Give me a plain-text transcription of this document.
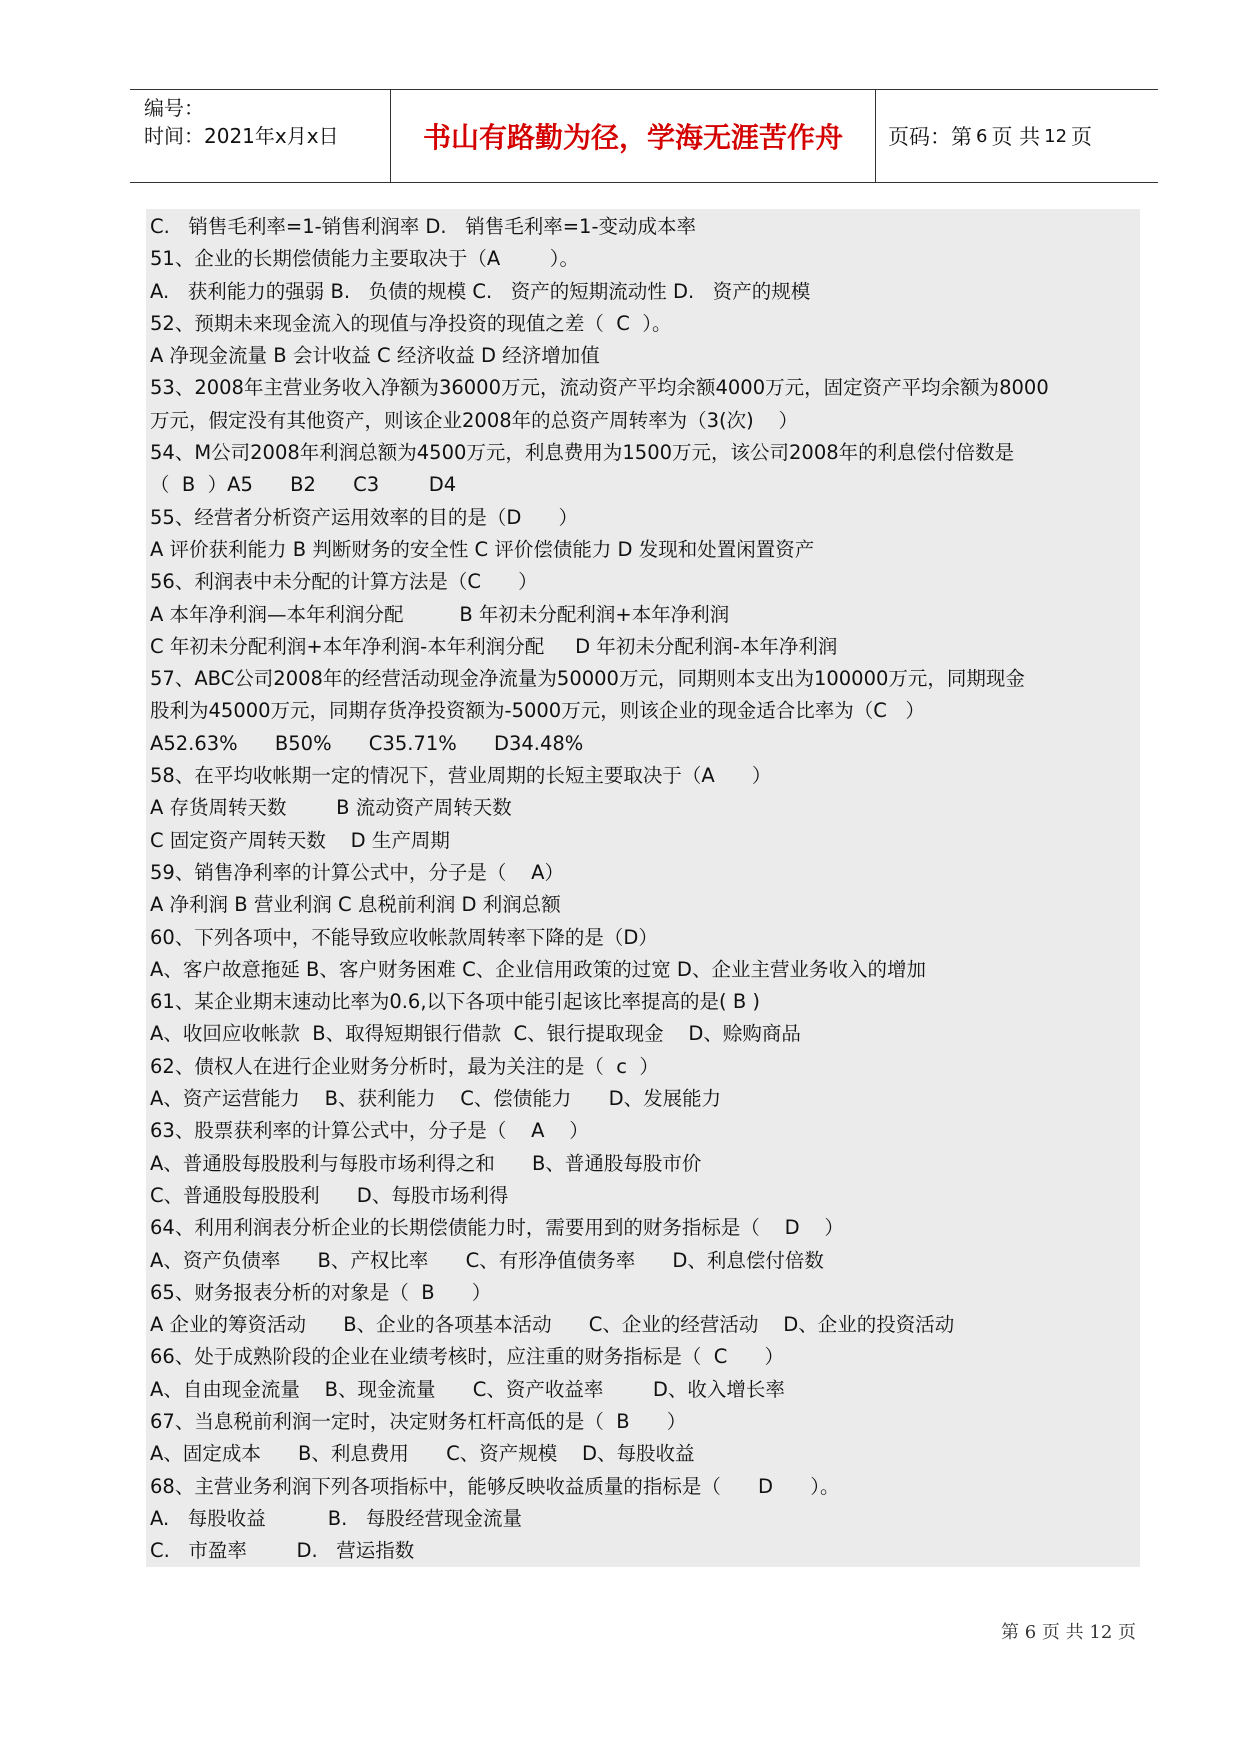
编号：
时间：2021年x月x日	书山有路勤为径，学海无涯苦作舟	页码：第 6 页 共 12 页
C.   销售毛利率=1-销售利润率 D.   销售毛利率=1-变动成本率
51、企业的长期偿债能力主要取决于（A        ）。
A.   获利能力的强弱 B.   负债的规模 C.   资产的短期流动性 D.   资产的规模
52、预期未来现金流入的现值与净投资的现值之差（  C  ）。
A 净现金流量 B 会计收益 C 经济收益 D 经济增加值
53、2008年主营业务收入净额为36000万元，流动资产平均余额4000万元，固定资产平均余额为8000
万元，假定没有其他资产，则该企业2008年的总资产周转率为（3(次)    ）
54、M公司2008年利润总额为4500万元，利息费用为1500万元，该公司2008年的利息偿付倍数是
（  B  ）A5      B2      C3        D4
55、经营者分析资产运用效率的目的是（D      ）
A 评价获利能力 B 判断财务的安全性 C 评价偿债能力 D 发现和处置闲置资产
56、利润表中未分配的计算方法是（C      ）
A 本年净利润—本年利润分配         B 年初未分配利润+本年净利润
C 年初未分配利润+本年净利润-本年利润分配     D 年初未分配利润-本年净利润
57、ABC公司2008年的经营活动现金净流量为50000万元，同期则本支出为100000万元，同期现金
股利为45000万元，同期存货净投资额为-5000万元，则该企业的现金适合比率为（C   ）
A52.63%      B50%      C35.71%      D34.48%
58、在平均收帐期一定的情况下，营业周期的长短主要取决于（A      ）
A 存货周转天数        B 流动资产周转天数
C 固定资产周转天数    D 生产周期
59、销售净利率的计算公式中，分子是（    A）
A 净利润 B 营业利润 C 息税前利润 D 利润总额
60、下列各项中，不能导致应收帐款周转率下降的是（D）
A、客户故意拖延 B、客户财务困难 C、企业信用政策的过宽 D、企业主营业务收入的增加
61、某企业期末速动比率为0.6,以下各项中能引起该比率提高的是( B )
A、收回应收帐款  B、取得短期银行借款  C、银行提取现金    D、赊购商品
62、债权人在进行企业财务分析时，最为关注的是（  c  ）
A、资产运营能力    B、获利能力    C、偿债能力      D、发展能力
63、股票获利率的计算公式中，分子是（    A    ）
A、普通股每股股利与每股市场利得之和      B、普通股每股市价
C、普通股每股股利      D、每股市场利得
64、利用利润表分析企业的长期偿债能力时，需要用到的财务指标是（    D    ）
A、资产负债率      B、产权比率      C、有形净值债务率      D、利息偿付倍数
65、财务报表分析的对象是（  B      ）
A 企业的筹资活动      B、企业的各项基本活动      C、企业的经营活动    D、企业的投资活动
66、处于成熟阶段的企业在业绩考核时，应注重的财务指标是（  C      ）
A、自由现金流量    B、现金流量      C、资产收益率        D、收入增长率
67、当息税前利润一定时，决定财务杠杆高低的是（  B      ）
A、固定成本      B、利息费用      C、资产规模    D、每股收益
68、主营业务利润下列各项指标中，能够反映收益质量的指标是（      D      ）。
A.   每股收益          B.   每股经营现金流量
C.   市盈率        D.   营运指数
第 6 页 共 12 页
